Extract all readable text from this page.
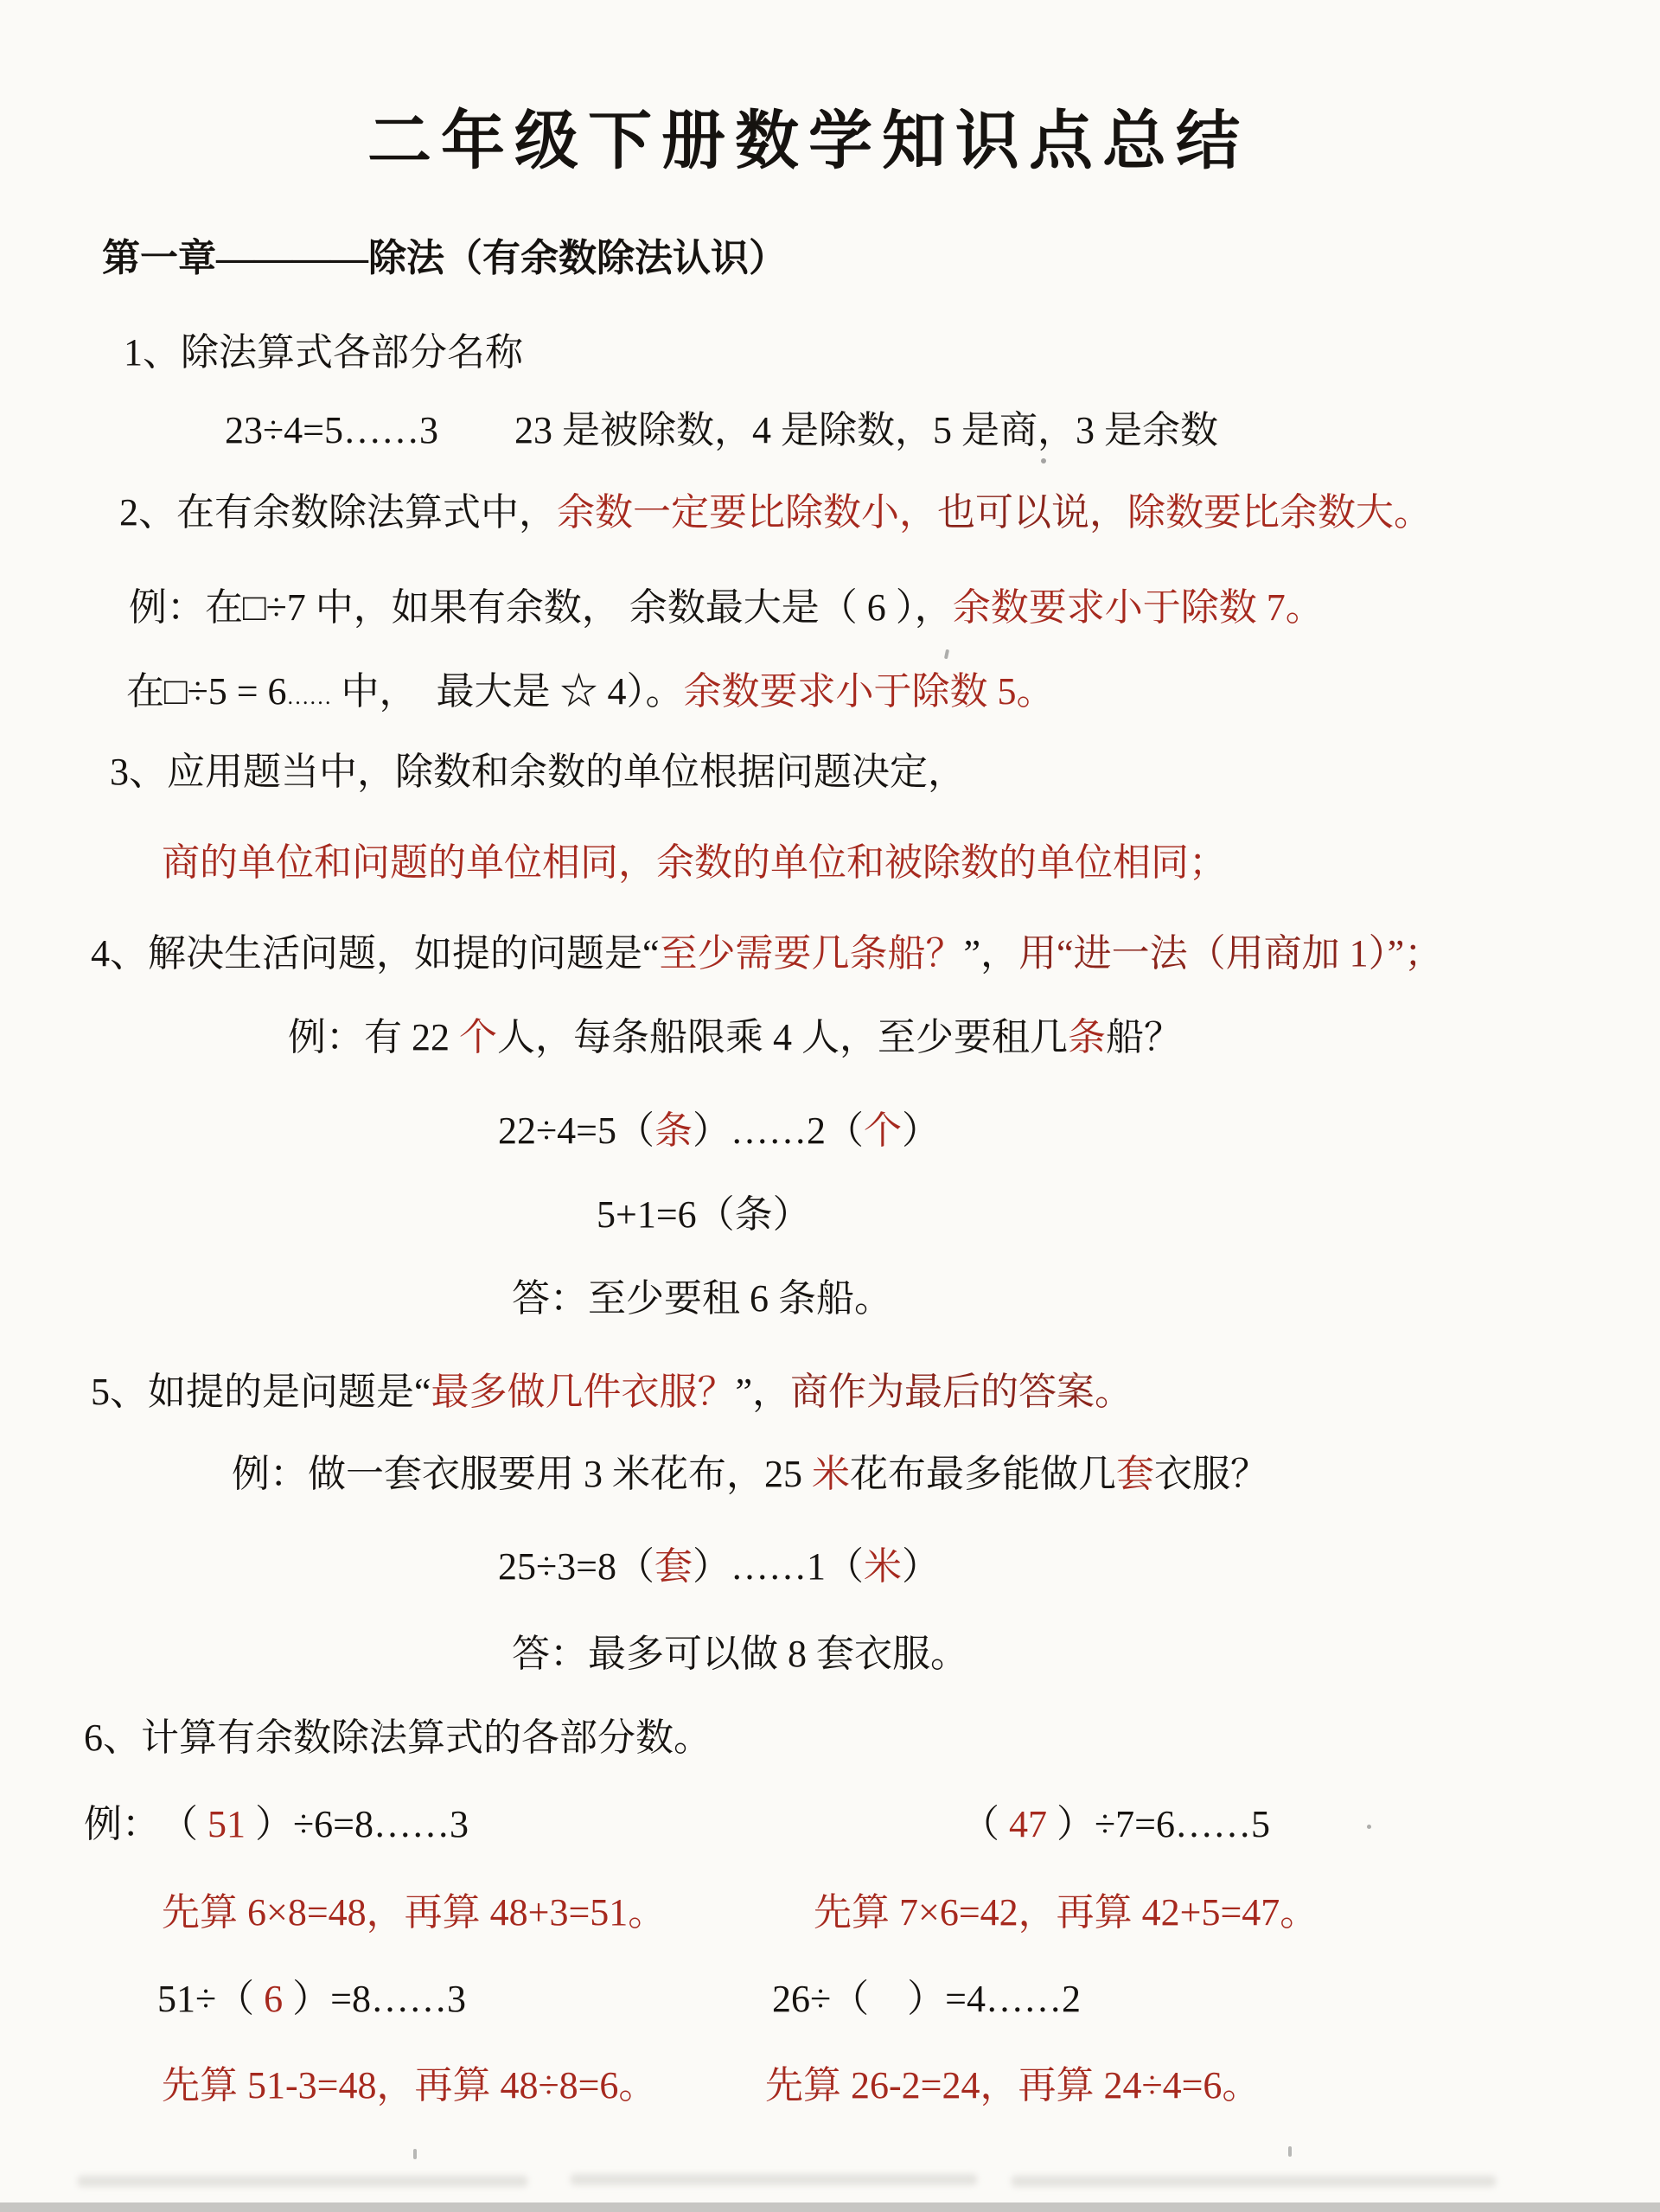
二年级下册数学知识点总结
第一章————除法（有余数除法认识）
1、除法算式各部分名称
23÷4=5……3　　 23 是被除数，4 是除数，5 是商，3 是余数
2、在有余数除法算式中，余数一定要比除数小，也可以说，除数要比余数大。
例：在□÷7 中，如果有余数， 余数最大是（ 6 ），余数要求小于除数 7。
在□÷5 = 6…… 中，　 最大是 ☆ 4）。余数要求小于除数 5。
3、应用题当中，除数和余数的单位根据问题决定，
商的单位和问题的单位相同，余数的单位和被除数的单位相同；
4、解决生活问题，如提的问题是“至少需要几条船？”，用“进一法（用商加 1）”；
例：有 22 个人，每条船限乘 4 人，至少要租几条船？
22÷4=5（条）……2（个）
5+1=6（条）
答：至少要租 6 条船。
5、如提的是问题是“最多做几件衣服？”，商作为最后的答案。
例：做一套衣服要用 3 米花布，25 米花布最多能做几套衣服？
25÷3=8（套）……1（米）
答：最多可以做 8 套衣服。
6、计算有余数除法算式的各部分数。
例：　（ 51 ）÷6=8……3	（ 47 ）÷7=6……5
先算 6×8=48，再算 48+3=51。	先算 7×6=42，再算 42+5=47。
51÷（ 6 ）=8……3	26÷（　）=4……2
先算 51-3=48，再算 48÷8=6。	先算 26-2=24，再算 24÷4=6。
